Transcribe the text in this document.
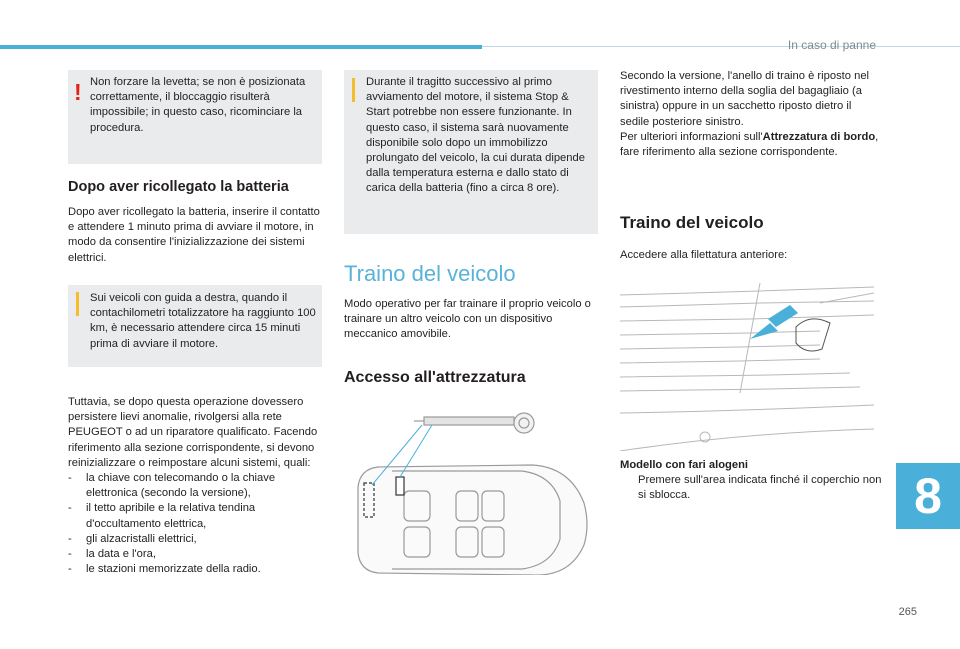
In caso di panne
! Non forzare la levetta; se non è posizionata correttamente, il bloccaggio risulterà impossibile; in questo caso, ricominciare la procedura.
Dopo aver ricollegato la batteria
Dopo aver ricollegato la batteria, inserire il contatto e attendere 1 minuto prima di avviare il motore, in modo da consentire l'inizializzazione dei sistemi elettrici.
Sui veicoli con guida a destra, quando il contachilometri totalizzatore ha raggiunto 100 km, è necessario attendere circa 15 minuti prima di avviare il motore.
Tuttavia, se dopo questa operazione dovessero persistere lievi anomalie, rivolgersi alla rete PEUGEOT o ad un riparatore qualificato. Facendo riferimento alla sezione corrispondente, si devono reinizializzare o reimpostare alcuni sistemi, quali:
- la chiave con telecomando o la chiave elettronica (secondo la versione),
- il tetto apribile e la relativa tendina d'occultamento elettrica,
- gli alzacristalli elettrici,
- la data e l'ora,
- le stazioni memorizzate della radio.
Durante il tragitto successivo al primo avviamento del motore, il sistema Stop & Start potrebbe non essere funzionante. In questo caso, il sistema sarà nuovamente disponibile solo dopo un immobilizzo prolungato del veicolo, la cui durata dipende dalla temperatura esterna e dallo stato di carica della batteria (fino a circa 8 ore).
Traino del veicolo
Modo operativo per far trainare il proprio veicolo o trainare un altro veicolo con un dispositivo meccanico amovibile.
Accesso all'attrezzatura
Secondo la versione, l'anello di traino è riposto nel rivestimento interno della soglia del bagagliaio (a sinistra) oppure in un sacchetto riposto dietro il sedile posteriore sinistro.
Per ulteriori informazioni sull'Attrezzatura di bordo, fare riferimento alla sezione corrispondente.
Traino del veicolo
Accedere alla filettatura anteriore:
Modello con fari alogeni
Premere sull'area indicata finché il coperchio non si sblocca.	8
265
